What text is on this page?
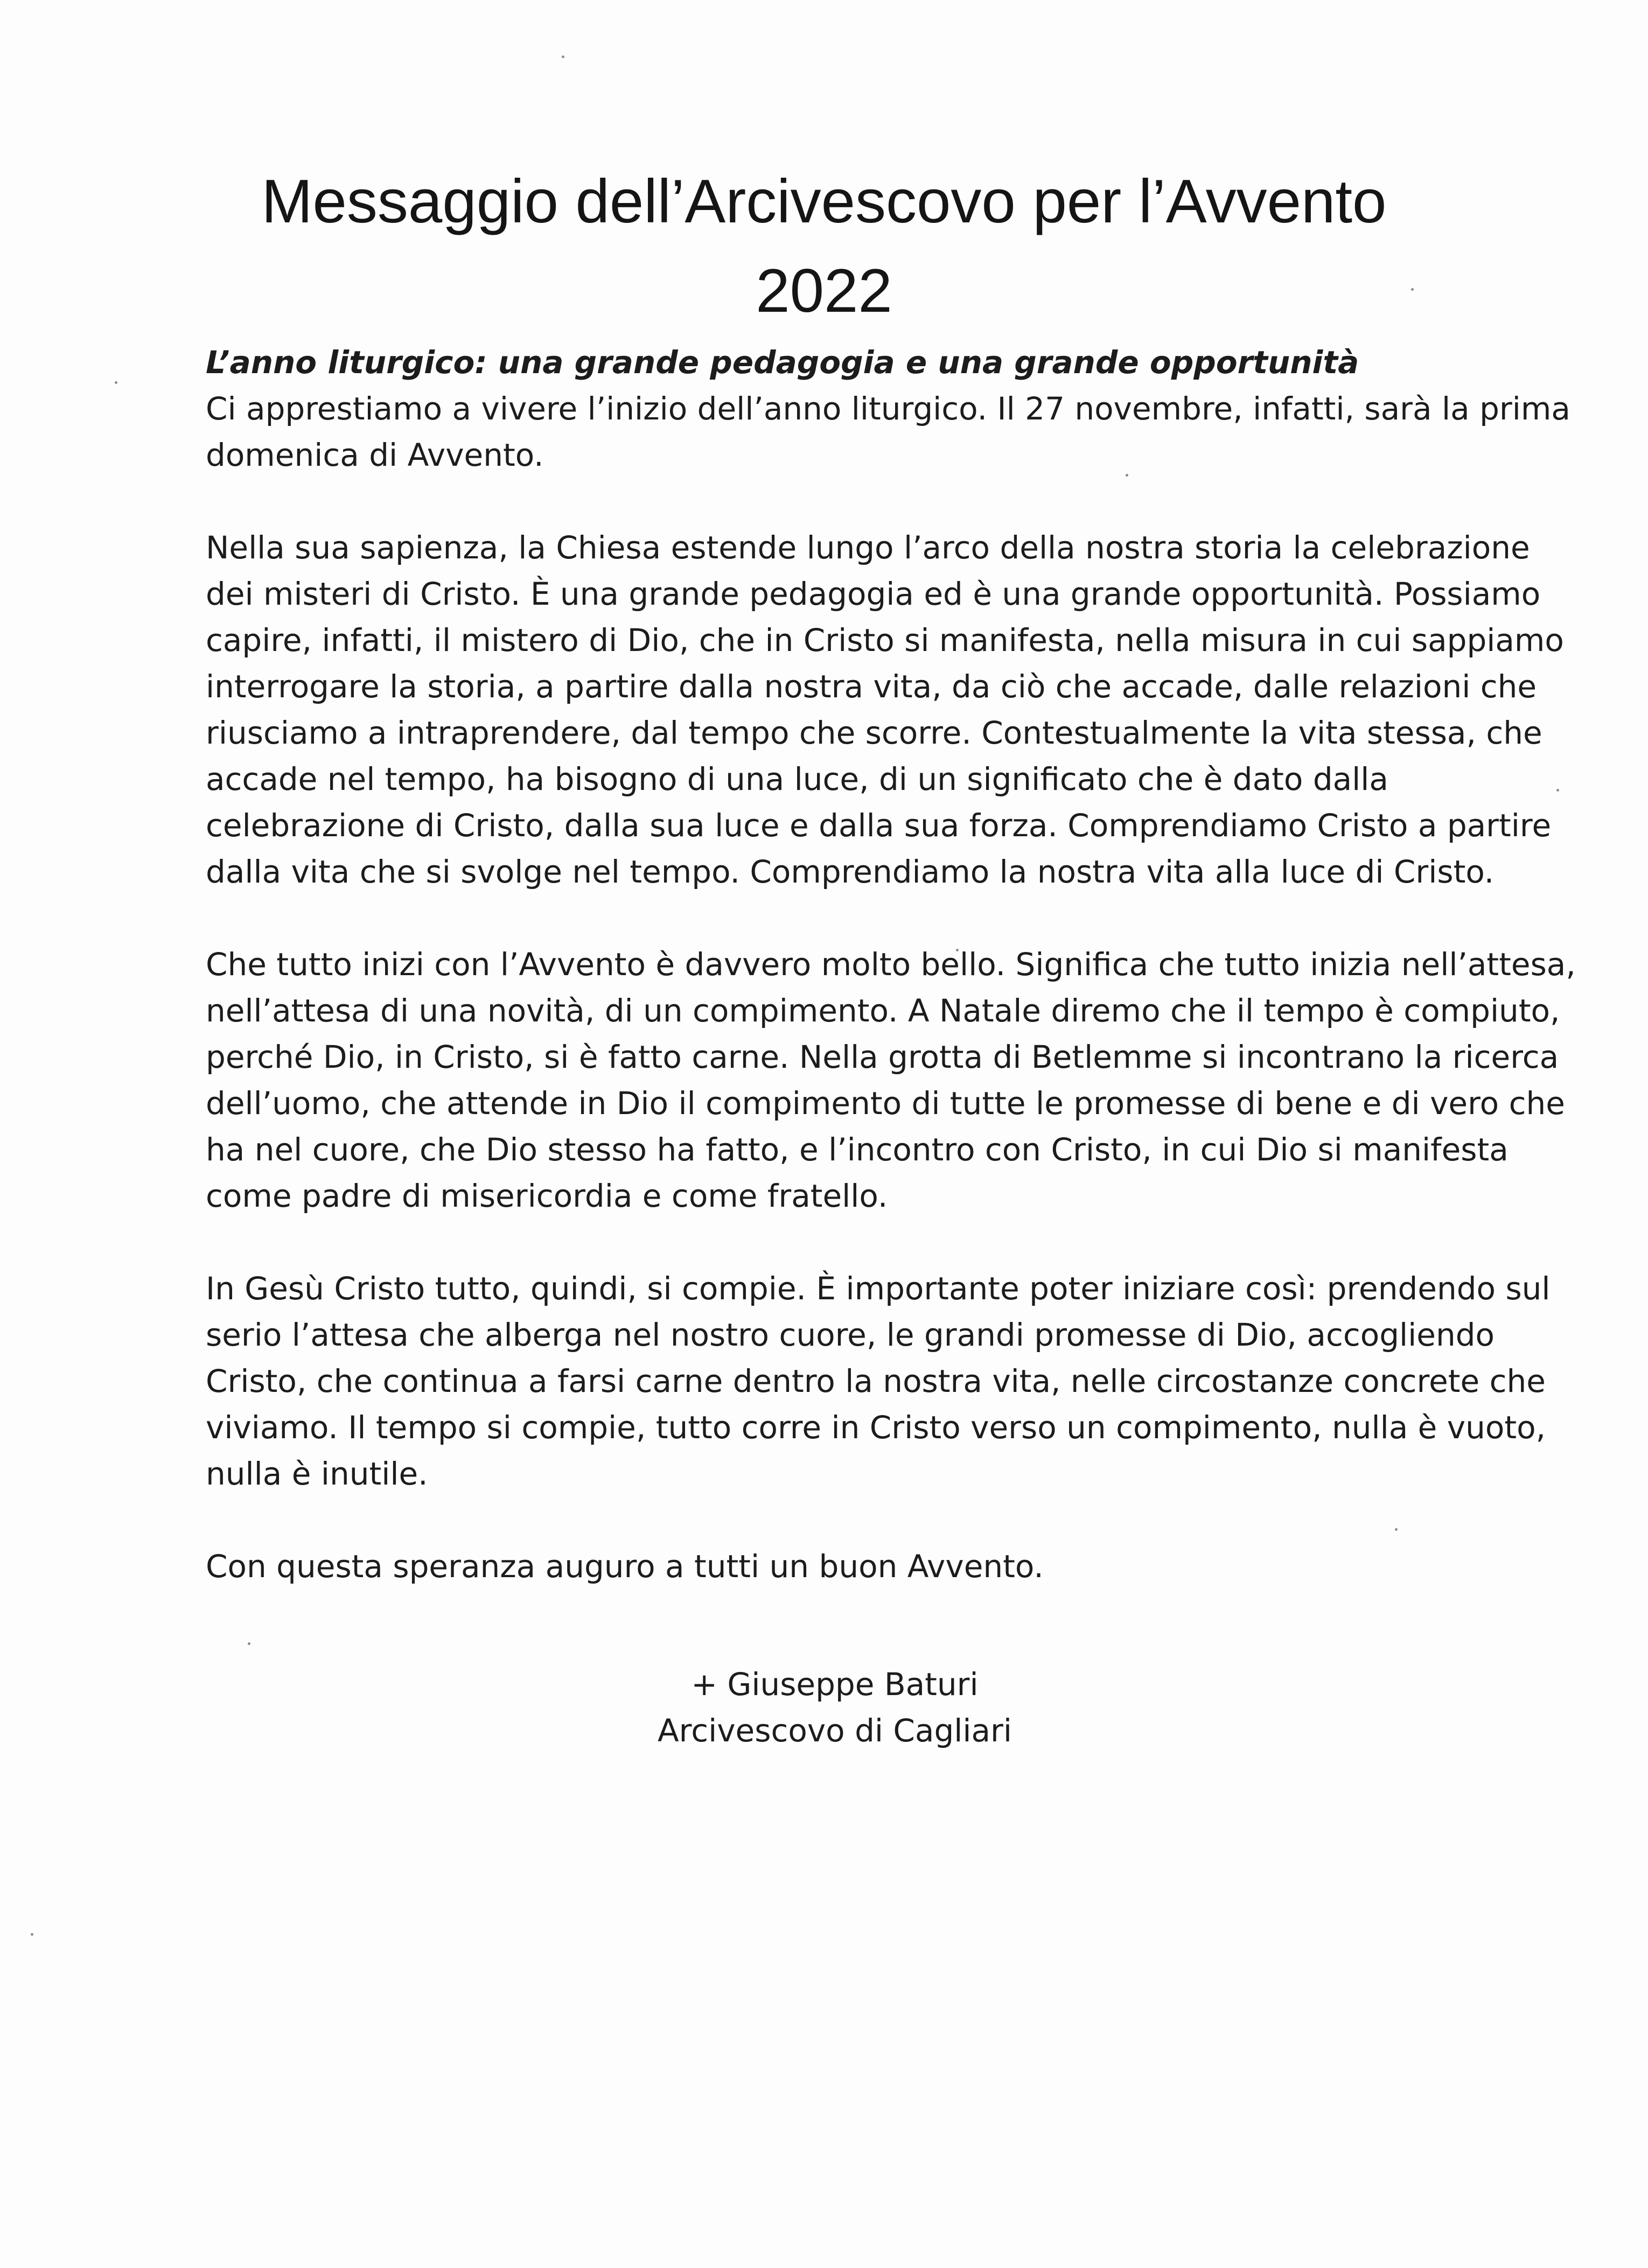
Messaggio dell’Arcivescovo per l’Avvento
2022

L’anno liturgico: una grande pedagogia e una grande opportunità

Ci apprestiamo a vivere l’inizio dell’anno liturgico. Il 27 novembre, infatti, sarà la prima
domenica di Avvento.

Nella sua sapienza, la Chiesa estende lungo l’arco della nostra storia la celebrazione
dei misteri di Cristo. È una grande pedagogia ed è una grande opportunità. Possiamo
capire, infatti, il mistero di Dio, che in Cristo si manifesta, nella misura in cui sappiamo
interrogare la storia, a partire dalla nostra vita, da ciò che accade, dalle relazioni che
riusciamo a intraprendere, dal tempo che scorre. Contestualmente la vita stessa, che
accade nel tempo, ha bisogno di una luce, di un significato che è dato dalla
celebrazione di Cristo, dalla sua luce e dalla sua forza. Comprendiamo Cristo a partire
dalla vita che si svolge nel tempo. Comprendiamo la nostra vita alla luce di Cristo.

Che tutto inizi con l’Avvento è davvero molto bello. Significa che tutto inizia nell’attesa,
nell’attesa di una novità, di un compimento. A Natale diremo che il tempo è compiuto,
perché Dio, in Cristo, si è fatto carne. Nella grotta di Betlemme si incontrano la ricerca
dell’uomo, che attende in Dio il compimento di tutte le promesse di bene e di vero che
ha nel cuore, che Dio stesso ha fatto, e l’incontro con Cristo, in cui Dio si manifesta
come padre di misericordia e come fratello.

In Gesù Cristo tutto, quindi, si compie. È importante poter iniziare così: prendendo sul
serio l’attesa che alberga nel nostro cuore, le grandi promesse di Dio, accogliendo
Cristo, che continua a farsi carne dentro la nostra vita, nelle circostanze concrete che
viviamo. Il tempo si compie, tutto corre in Cristo verso un compimento, nulla è vuoto,
nulla è inutile.

Con questa speranza auguro a tutti un buon Avvento.

+ Giuseppe Baturi
Arcivescovo di Cagliari
